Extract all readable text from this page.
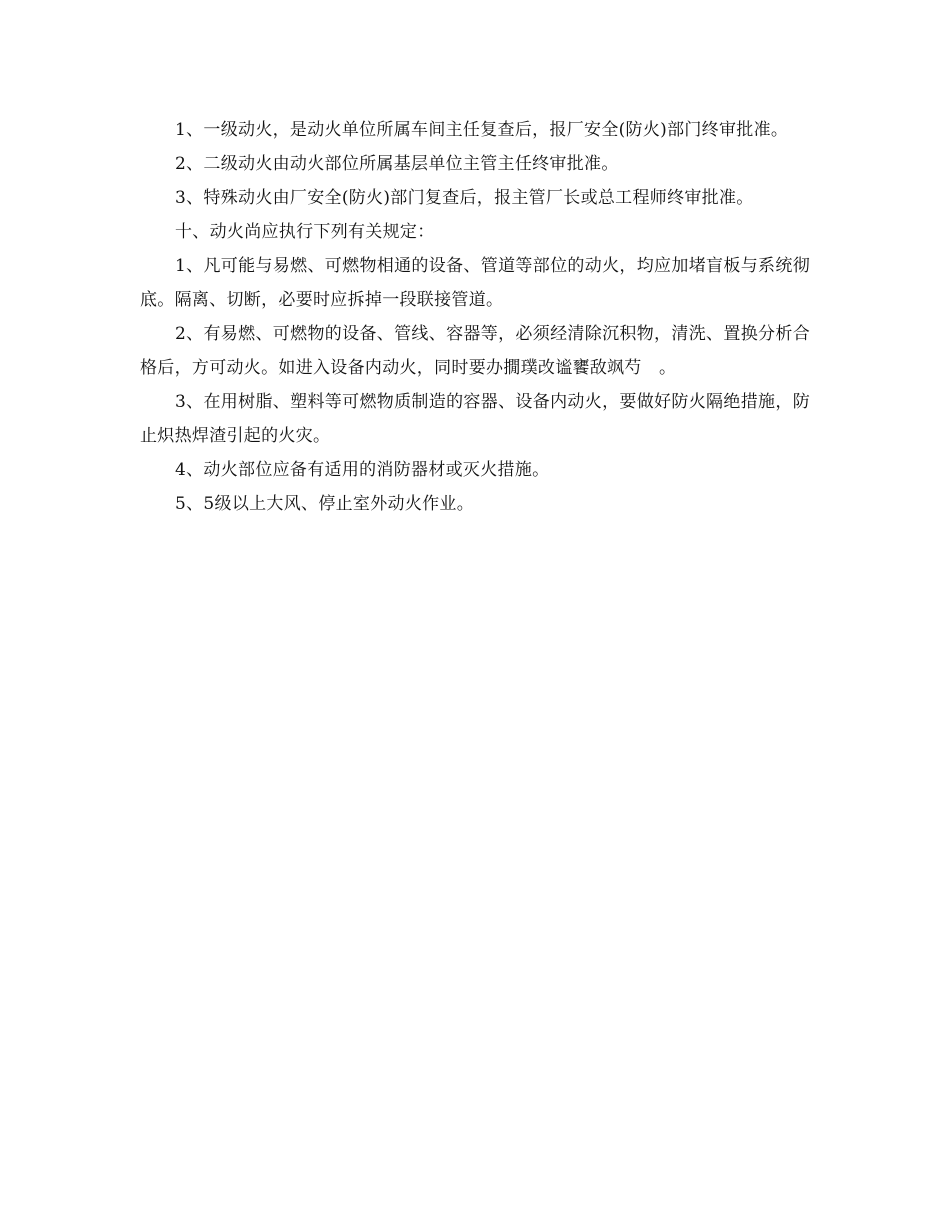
1、一级动火，是动火单位所属车间主任复查后，报厂安全(防火)部门终审批准。

2、二级动火由动火部位所属基层单位主管主任终审批准。

3、特殊动火由厂安全(防火)部门复查后，报主管厂长或总工程师终审批准。

十、动火尚应执行下列有关规定：

1、凡可能与易燃、可燃物相通的设备、管道等部位的动火，均应加堵盲板与系统彻底。隔离、切断，必要时应拆掉一段联接管道。

2、有易燃、可燃物的设备、管线、容器等，必须经清除沉积物，清洗、置换分析合格后，方可动火。如进入设备内动火，同时要办撊璞改谧饔敌飒芍　。

3、在用树脂、塑料等可燃物质制造的容器、设备内动火，要做好防火隔绝措施，防止炽热焊渣引起的火灾。

4、动火部位应备有适用的消防器材或灭火措施。

5、5级以上大风、停止室外动火作业。
